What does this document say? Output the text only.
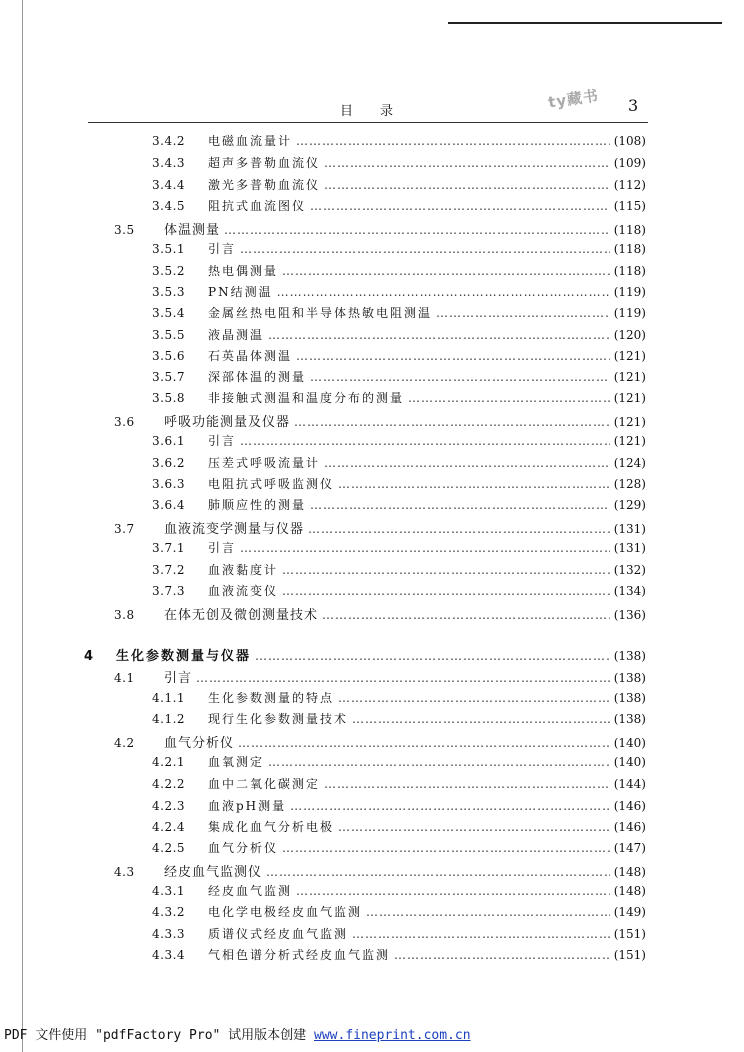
目 录
ty藏书 3
3.4.2	电磁血流量计 …………………………………………………………………………………………………………………………………………………………………………………………………………………………	(108)
3.4.3	超声多普勒血流仪 …………………………………………………………………………………………………………………………………………………………………………………………………………………………	(109)
3.4.4	激光多普勒血流仪 …………………………………………………………………………………………………………………………………………………………………………………………………………………………	(112)
3.4.5	阻抗式血流图仪 …………………………………………………………………………………………………………………………………………………………………………………………………………………………	(115)
3.5	体温测量 …………………………………………………………………………………………………………………………………………………………………………………………………………………………	(118)
3.5.1	引言 …………………………………………………………………………………………………………………………………………………………………………………………………………………………	(118)
3.5.2	热电偶测量 …………………………………………………………………………………………………………………………………………………………………………………………………………………………	(118)
3.5.3	PN结测温 …………………………………………………………………………………………………………………………………………………………………………………………………………………………	(119)
3.5.4	金属丝热电阻和半导体热敏电阻测温 …………………………………………………………………………………………………………………………………………………………………………………………………………………………	(119)
3.5.5	液晶测温 …………………………………………………………………………………………………………………………………………………………………………………………………………………………	(120)
3.5.6	石英晶体测温 …………………………………………………………………………………………………………………………………………………………………………………………………………………………	(121)
3.5.7	深部体温的测量 …………………………………………………………………………………………………………………………………………………………………………………………………………………………	(121)
3.5.8	非接触式测温和温度分布的测量 …………………………………………………………………………………………………………………………………………………………………………………………………………………………	(121)
3.6	呼吸功能测量及仪器 …………………………………………………………………………………………………………………………………………………………………………………………………………………………	(121)
3.6.1	引言 …………………………………………………………………………………………………………………………………………………………………………………………………………………………	(121)
3.6.2	压差式呼吸流量计 …………………………………………………………………………………………………………………………………………………………………………………………………………………………	(124)
3.6.3	电阻抗式呼吸监测仪 …………………………………………………………………………………………………………………………………………………………………………………………………………………………	(128)
3.6.4	肺顺应性的测量 …………………………………………………………………………………………………………………………………………………………………………………………………………………………	(129)
3.7	血液流变学测量与仪器 …………………………………………………………………………………………………………………………………………………………………………………………………………………………	(131)
3.7.1	引言 …………………………………………………………………………………………………………………………………………………………………………………………………………………………	(131)
3.7.2	血液黏度计 …………………………………………………………………………………………………………………………………………………………………………………………………………………………	(132)
3.7.3	血液流变仪 …………………………………………………………………………………………………………………………………………………………………………………………………………………………	(134)
3.8	在体无创及微创测量技术 …………………………………………………………………………………………………………………………………………………………………………………………………………………………	(136)
4	生化参数测量与仪器 …………………………………………………………………………………………………………………………………………………………………………………………………………………………	(138)
4.1	引言 …………………………………………………………………………………………………………………………………………………………………………………………………………………………	(138)
4.1.1	生化参数测量的特点 …………………………………………………………………………………………………………………………………………………………………………………………………………………………	(138)
4.1.2	现行生化参数测量技术 …………………………………………………………………………………………………………………………………………………………………………………………………………………………	(138)
4.2	血气分析仪 …………………………………………………………………………………………………………………………………………………………………………………………………………………………	(140)
4.2.1	血氧测定 …………………………………………………………………………………………………………………………………………………………………………………………………………………………	(140)
4.2.2	血中二氧化碳测定 …………………………………………………………………………………………………………………………………………………………………………………………………………………………	(144)
4.2.3	血液pH测量 …………………………………………………………………………………………………………………………………………………………………………………………………………………………	(146)
4.2.4	集成化血气分析电极 …………………………………………………………………………………………………………………………………………………………………………………………………………………………	(146)
4.2.5	血气分析仪 …………………………………………………………………………………………………………………………………………………………………………………………………………………………	(147)
4.3	经皮血气监测仪 …………………………………………………………………………………………………………………………………………………………………………………………………………………………	(148)
4.3.1	经皮血气监测 …………………………………………………………………………………………………………………………………………………………………………………………………………………………	(148)
4.3.2	电化学电极经皮血气监测 …………………………………………………………………………………………………………………………………………………………………………………………………………………………	(149)
4.3.3	质谱仪式经皮血气监测 …………………………………………………………………………………………………………………………………………………………………………………………………………………………	(151)
4.3.4	气相色谱分析式经皮血气监测 …………………………………………………………………………………………………………………………………………………………………………………………………………………………	(151)
PDF 文件使用 "pdfFactory Pro" 试用版本创建 www.fineprint.com.cn
